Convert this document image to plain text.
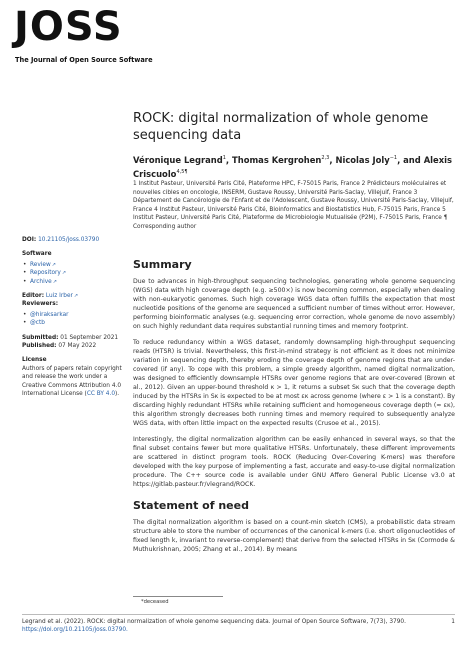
JOSS
The Journal of Open Source Software
ROCK: digital normalization of whole genome sequencing data
Véronique Legrand$^1$, Thomas Kergrohen$^{2,3}$, Nicolas Joly$^{-1}$, and Alexis Criscuolo$^{4,5\P}$
1 Institut Pasteur, Université Paris Cité, Plateforme HPC, F-75015 Paris, France 2 Prédicteurs moléculaires et nouvelles cibles en oncologie, INSERM, Gustave Roussy, Université Paris-Saclay, Villejuif, France 3 Département de Cancérologie de l'Enfant et de l'Adolescent, Gustave Roussy, Université Paris-Saclay, Villejuif, France 4 Institut Pasteur, Université Paris Cité, Bioinformatics and Biostatistics Hub, F-75015 Paris, France 5 Institut Pasteur, Université Paris Cité, Plateforme de Microbiologie Mutualisée (P2M), F-75015 Paris, France ¶ Corresponding author
DOI: 10.21105/joss.03790
Software
• Review↗
• Repository↗
• Archive↗
Editor: Luiz Irber↗
Reviewers:
• @hiraksarkar
• @ctb
Submitted: 01 September 2021
Published: 07 May 2022
License
Authors of papers retain copyright and release the work under a Creative Commons Attribution 4.0 International License (CC BY 4.0).
Summary

Due to advances in high-throughput sequencing technologies, generating whole genome sequencing (WGS) data with high coverage depth (e.g. ≥500×) is now becoming common, especially when dealing with non-eukaryotic genomes. Such high coverage WGS data often fulfills the expectation that most nucleotide positions of the genome are sequenced a sufficient number of times without error. However, performing bioinformatic analyses (e.g. sequencing error correction, whole genome de novo assembly) on such highly redundant data requires substantial running times and memory footprint.

To reduce redundancy within a WGS dataset, randomly downsampling high-throughput sequencing reads (HTSR) is trivial. Nevertheless, this first-in-mind strategy is not efficient as it does not minimize variation in sequencing depth, thereby eroding the coverage depth of genome regions that are under-covered (if any). To cope with this problem, a simple greedy algorithm, named digital normalization, was designed to efficiently downsample HTSRs over genome regions that are over-covered (Brown et al., 2012). Given an upper-bound threshold κ > 1, it returns a subset Sκ such that the coverage depth induced by the HTSRs in Sκ is expected to be at most εκ across genome (where ε > 1 is a constant). By discarding highly redundant HTSRs while retaining sufficient and homogeneous coverage depth (≈ εκ), this algorithm strongly decreases both running times and memory required to subsequently analyze WGS data, with often little impact on the expected results (Crusoe et al., 2015).

Interestingly, the digital normalization algorithm can be easily enhanced in several ways, so that the final subset contains fewer but more qualitative HTSRs. Unfortunately, these different improvements are scattered in distinct program tools. ROCK (Reducing Over-Covering K-mers) was therefore developed with the key purpose of implementing a fast, accurate and easy-to-use digital normalization procedure. The C++ source code is available under GNU Affero General Public License v3.0 at https://gitlab.pasteur.fr/vlegrand/ROCK.

Statement of need

The digital normalization algorithm is based on a count-min sketch (CMS), a probabilistic data stream structure able to store the number of occurrences of the canonical k-mers (i.e. short oligonucleotides of fixed length k, invariant to reverse-complement) that derive from the selected HTSRs in Sκ (Cormode & Muthukrishnan, 2005; Zhang et al., 2014). By means

*deceased
Legrand et al. (2022). ROCK: digital normalization of whole genome sequencing data. Journal of Open Source Software, 7(73), 3790.
https://doi.org/10.21105/joss.03790.
1
